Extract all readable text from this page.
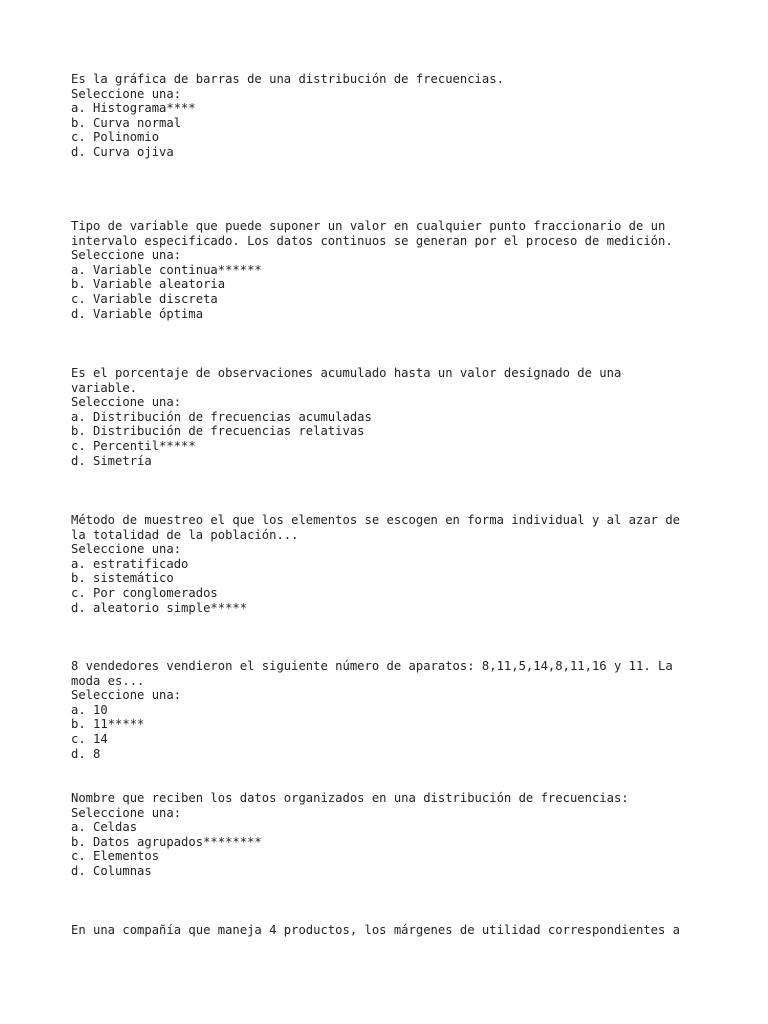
Es la gráfica de barras de una distribución de frecuencias.
Seleccione una:
a. Histograma****
b. Curva normal
c. Polinomio
d. Curva ojiva
Tipo de variable que puede suponer un valor en cualquier punto fraccionario de un
intervalo especificado. Los datos continuos se generan por el proceso de medición.
Seleccione una:
a. Variable continua******
b. Variable aleatoria
c. Variable discreta
d. Variable óptima
Es el porcentaje de observaciones acumulado hasta un valor designado de una
variable.
Seleccione una:
a. Distribución de frecuencias acumuladas
b. Distribución de frecuencias relativas
c. Percentil*****
d. Simetría
Método de muestreo el que los elementos se escogen en forma individual y al azar de
la totalidad de la población...
Seleccione una:
a. estratificado
b. sistemático
c. Por conglomerados
d. aleatorio simple*****
8 vendedores vendieron el siguiente número de aparatos: 8,11,5,14,8,11,16 y 11. La
moda es...
Seleccione una:
a. 10
b. 11*****
c. 14
d. 8
Nombre que reciben los datos organizados en una distribución de frecuencias:
Seleccione una:
a. Celdas
b. Datos agrupados********
c. Elementos
d. Columnas
En una compañía que maneja 4 productos, los márgenes de utilidad correspondientes a
